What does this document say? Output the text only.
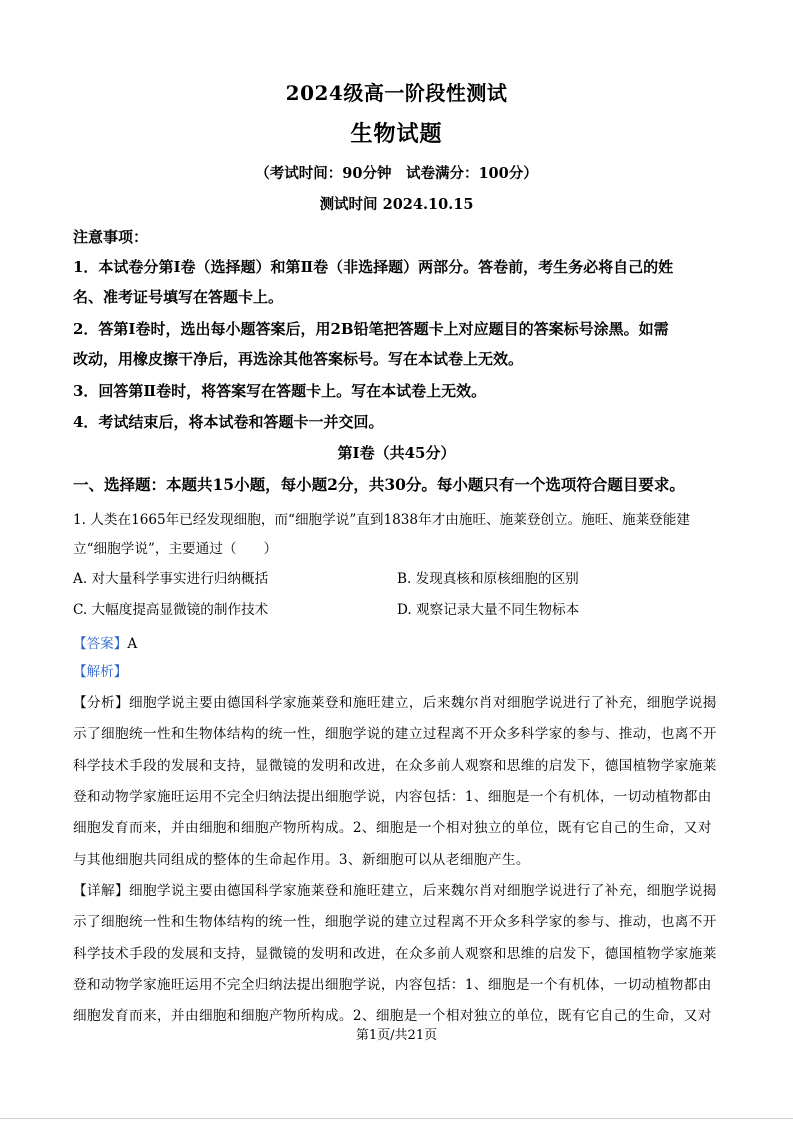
2024级高一阶段性测试
生物试题
（考试时间：90分钟　试卷满分：100分）
测试时间 2024.10.15
注意事项：
1．本试卷分第Ⅰ卷（选择题）和第Ⅱ卷（非选择题）两部分。答卷前，考生务必将自己的姓
名、准考证号填写在答题卡上。
2．答第Ⅰ卷时，选出每小题答案后，用2B铅笔把答题卡上对应题目的答案标号涂黑。如需
改动，用橡皮擦干净后，再选涂其他答案标号。写在本试卷上无效。
3．回答第Ⅱ卷时，将答案写在答题卡上。写在本试卷上无效。
4．考试结束后，将本试卷和答题卡一并交回。
第Ⅰ卷（共45分）
一、选择题：本题共15小题，每小题2分，共30分。每小题只有一个选项符合题目要求。
1. 人类在1665年已经发现细胞，而“细胞学说”直到1838年才由施旺、施莱登创立。施旺、施莱登能建
立“细胞学说”，主要通过（　　）
A. 对大量科学事实进行归纳概括	B. 发现真核和原核细胞的区别
C. 大幅度提高显微镜的制作技术	D. 观察记录大量不同生物标本
【答案】A
【解析】
【分析】细胞学说主要由德国科学家施莱登和施旺建立，后来魏尔肖对细胞学说进行了补充，细胞学说揭
示了细胞统一性和生物体结构的统一性，细胞学说的建立过程离不开众多科学家的参与、推动，也离不开
科学技术手段的发展和支持，显微镜的发明和改进，在众多前人观察和思维的启发下，德国植物学家施莱
登和动物学家施旺运用不完全归纳法提出细胞学说，内容包括：1、细胞是一个有机体，一切动植物都由
细胞发育而来，并由细胞和细胞产物所构成。2、细胞是一个相对独立的单位，既有它自己的生命，又对
与其他细胞共同组成的整体的生命起作用。3、新细胞可以从老细胞产生。
【详解】细胞学说主要由德国科学家施莱登和施旺建立，后来魏尔肖对细胞学说进行了补充，细胞学说揭
示了细胞统一性和生物体结构的统一性，细胞学说的建立过程离不开众多科学家的参与、推动，也离不开
科学技术手段的发展和支持，显微镜的发明和改进，在众多前人观察和思维的启发下，德国植物学家施莱
登和动物学家施旺运用不完全归纳法提出细胞学说，内容包括：1、细胞是一个有机体，一切动植物都由
细胞发育而来，并由细胞和细胞产物所构成。2、细胞是一个相对独立的单位，既有它自己的生命，又对
第1页/共21页
